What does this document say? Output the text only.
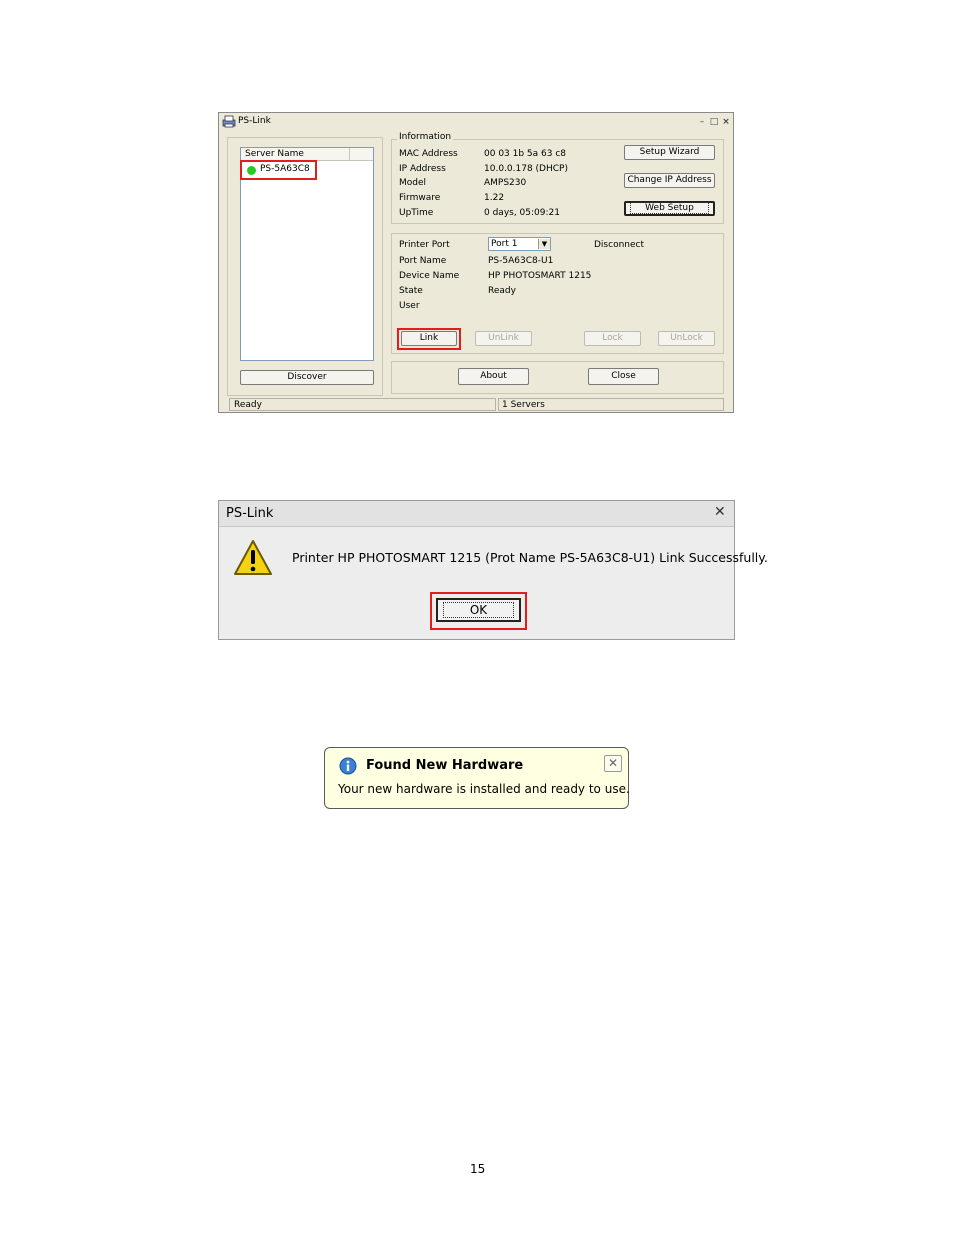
PS-Link	– □ ×
Server Name
PS-5A63C8
Discover
Information
MAC Address	00 03 1b 5a 63 c8
IP Address	10.0.0.178 (DHCP)
Model	AMPS230
Firmware	1.22
UpTime	0 days, 05:09:21
Setup Wizard
Change IP Address
Web Setup
Printer Port	Port 1	▼	Disconnect
Port Name	PS-5A63C8-U1
Device Name	HP PHOTOSMART 1215
State	Ready
User
Link	UnLink	Lock	UnLock
About	Close
Ready	1 Servers
PS-Link	✕
Printer HP PHOTOSMART 1215 (Prot Name PS-5A63C8-U1) Link Successfully.
OK
Found New Hardware	✕
Your new hardware is installed and ready to use.
15
